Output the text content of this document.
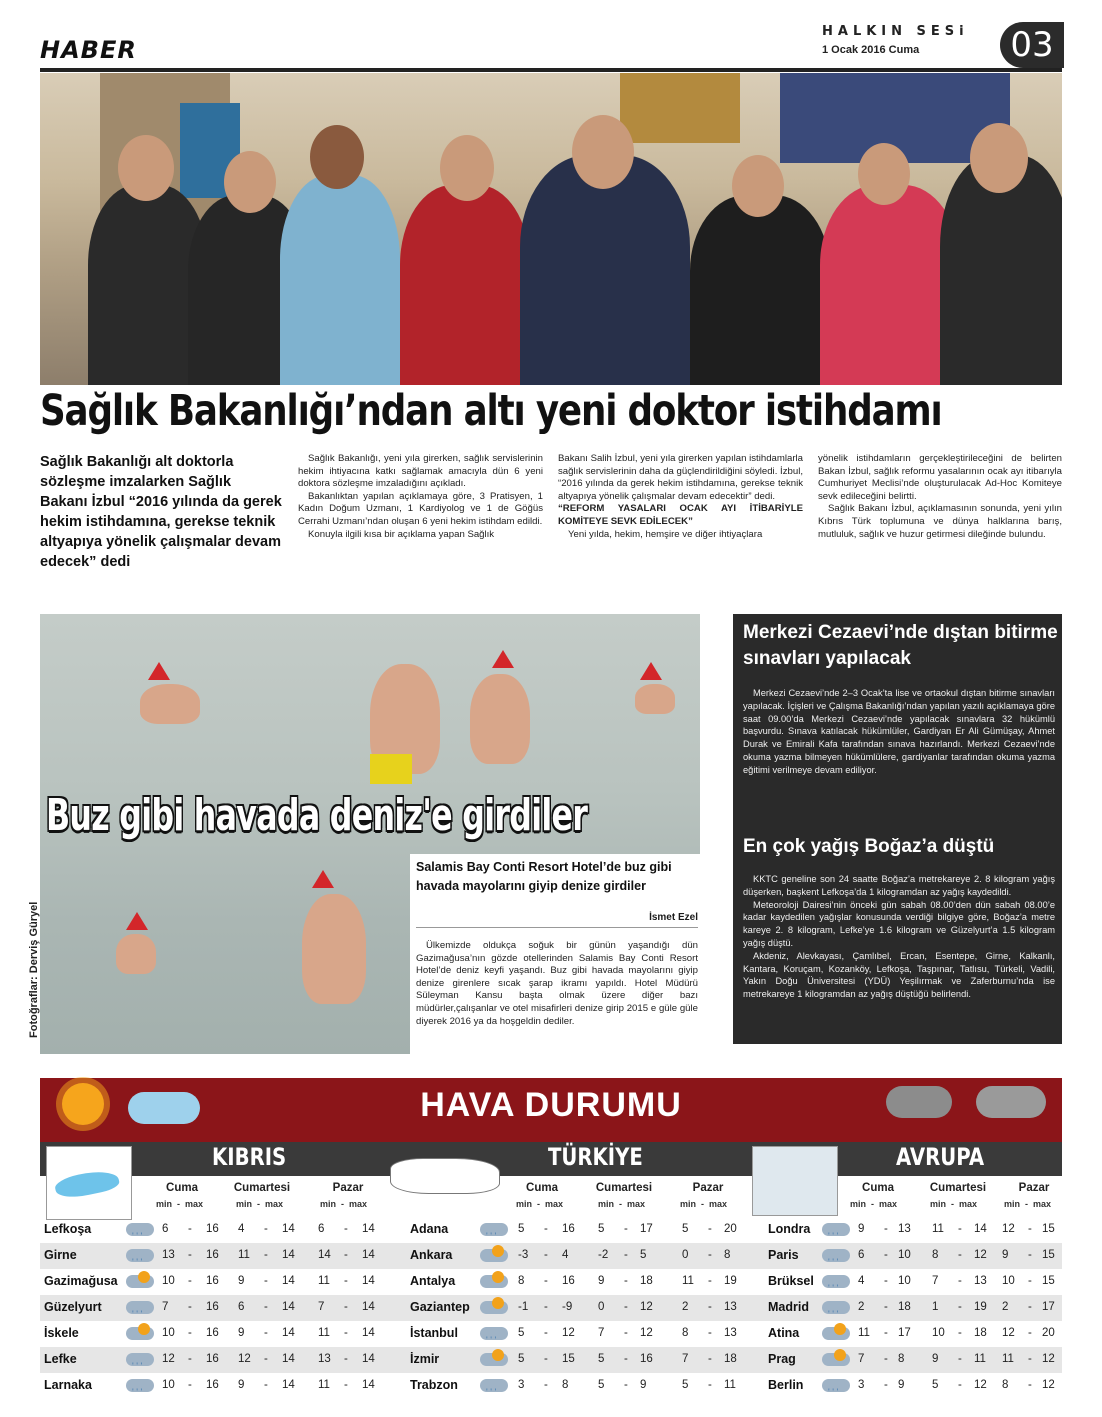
HABER
HALKIN SESi
1 Ocak 2016 Cuma	03
Sağlık Bakanlığı’ndan altı yeni doktor istihdamı
Sağlık Bakanlığı alt doktorla sözleşme imzalarken Sağlık Bakanı İzbul “2016 yılında da gerek hekim istihdamına, gerekse teknik altyapıya yönelik çalışmalar devam edecek” dedi

Sağlık Bakanlığı, yeni yıla girerken, sağlık servislerinin hekim ihtiyacına katkı sağlamak amacıyla dün 6 yeni doktora sözleşme imzaladığını açıkladı.

Bakanlıktan yapılan açıklamaya göre, 3 Pratisyen, 1 Kadın Doğum Uzmanı, 1 Kardiyolog ve 1 de Göğüs Cerrahi Uzmanı’ndan oluşan 6 yeni hekim istihdam edildi.

Konuyla ilgili kısa bir açıklama yapan Sağlık

Bakanı Salih İzbul, yeni yıla girerken yapılan istihdamlarla sağlık servislerinin daha da güçlendirildiğini söyledi. İzbul, “2016 yılında da gerek hekim istihdamına, gerekse teknik altyapıya yönelik çalışmalar devam edecektir” dedi.

“REFORM YASALARI OCAK AYI İTİBARİYLE KOMİTEYE SEVK EDİLECEK”

Yeni yılda, hekim, hemşire ve diğer ihtiyaçlara

yönelik istihdamların gerçekleştirileceğini de belirten Bakan İzbul, sağlık reformu yasalarının ocak ayı itibarıyla Cumhuriyet Meclisi’nde oluşturulacak Ad-Hoc Komiteye sevk edileceğini belirtti.

Sağlık Bakanı İzbul, açıklamasının sonunda, yeni yılın Kıbrıs Türk toplumuna ve dünya halklarına barış, mutluluk, sağlık ve huzur getirmesi dileğinde bulundu.

Buz gibi havada deniz'e girdiler
Fotoğraflar: Derviş Güryel
Salamis Bay Conti Resort Hotel’de buz gibi havada mayolarını giyip denize girdiler
İsmet Ezel

Ülkemizde oldukça soğuk bir günün yaşandığı dün Gazimağusa’nın gözde otellerinden Salamis Bay Conti Resort Hotel’de deniz keyfi yaşandı. Buz gibi havada mayolarını giyip denize girenlere sıcak şarap ikramı yapıldı. Hotel Müdürü Süleyman Kansu başta olmak üzere diğer bazı müdürler,çalışanlar ve otel misafirleri denize girip 2015 e güle güle diyerek 2016 ya da hoşgeldin dediler.

Merkezi Cezaevi’nde dıştan bitirme sınavları yapılacak

Merkezi Cezaevi’nde 2–3 Ocak’ta lise ve ortaokul dıştan bitirme sınavları yapılacak. İçişleri ve Çalışma Bakanlığı’ndan yapılan yazılı açıklamaya göre saat 09.00’da Merkezi Cezaevi’nde yapılacak sınavlara 32 hükümlü başvurdu. Sınava katılacak hükümlüler, Gardiyan Er Ali Gümüşay, Ahmet Durak ve Emirali Kafa tarafından sınava hazırlandı. Merkezi Cezaevi’nde okuma yazma bilmeyen hükümlülere, gardiyanlar tarafından okuma yazma eğitimi verilmeye devam ediliyor.

En çok yağış Boğaz’a düştü

KKTC geneline son 24 saatte Boğaz’a metrekareye 2. 8 kilogram yağış düşerken, başkent Lefkoşa’da 1 kilogramdan az yağış kaydedildi.

Meteoroloji Dairesi’nin önceki gün sabah 08.00’den dün sabah 08.00’e kadar kaydedilen yağışlar konusunda verdiği bilgiye göre, Boğaz’a metre kareye 2. 8 kilogram, Lefke’ye 1.6 kilogram ve Güzelyurt’a 1.5 kilogram yağış düştü.

Akdeniz, Alevkayası, Çamlıbel, Ercan, Esentepe, Girne, Kalkanlı, Kantara, Koruçam, Kozanköy, Lefkoşa, Taşpınar, Tatlısu, Türkeli, Vadili, Yakın Doğu Üniversitesi (YDÜ) Yeşilırmak ve Zaferburnu’nda ise metrekareye 1 kilogramdan az yağış düştüğü belirlendi.

HAVA DURUMU
KIBRIS	TÜRKİYE	AVRUPA
Cuma	Cumartesi	Pazar	Cuma	Cumartesi	Pazar	Cuma	Cumartesi	Pazar
min - max	min - max	min - max	min - max	min - max	min - max	min - max	min - max	min - max
Lefkoşa ' ' '	6 - 16 4 - 14 6 - 14	Adana ' ' '	5 - 16 5 - 17	5 - 20 Londra ' ' '	9 - 13 11 - 14 12 - 15
Girne ' ' '	13 - 16 11 - 14 14 - 14	Ankara	-3 - 4	-2 - 5	0 - 8	Paris ' ' '	6 - 10 8 - 12 9 - 15
Gazimağusa	10 - 16 9 - 14 11 - 14	Antalya	8 - 16 9 - 18	11 - 19 Brüksel ' ' '	4 - 10 7 - 13 10 - 15
Güzelyurt ' ' '	7 - 16 6 - 14 7 - 14	Gaziantep	-1 - -9 0 - 12	2 - 13 Madrid ' ' '	2 - 18 1 - 19 2 - 17
İskele	10 - 16 9 - 14 11 - 14	İstanbul ' ' '	5 - 12 7 - 12	8 - 13 Atina	11 - 17 10 - 18 12 - 20
Lefke ' ' '	12 - 16 12 - 14 13 - 14	İzmir	5 - 15 5 - 16	7 - 18 Prag	7 - 8 9 - 11 11 - 12
Larnaka ' ' '	10 - 16 9 - 14 11 - 14	Trabzon ' ' '	3 - 8	5 - 9	5 - 11	Berlin ' ' '	3 - 9 5 - 12 8 - 12
